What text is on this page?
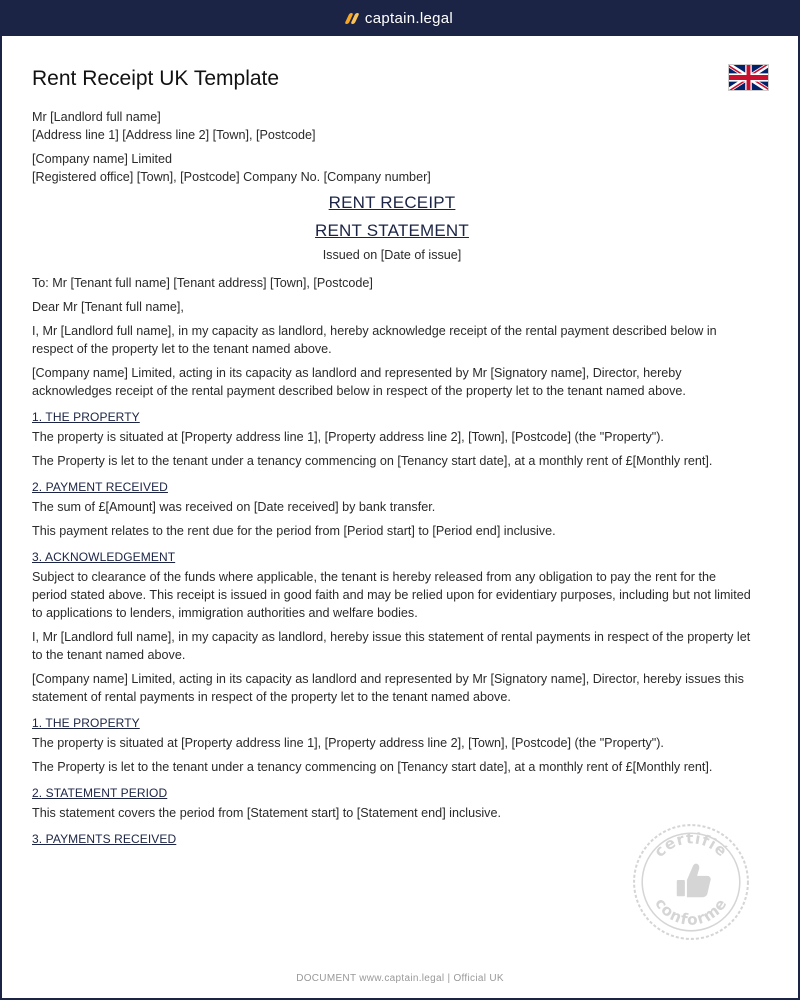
captain.legal
Rent Receipt UK Template

Mr [Landlord full name]

[Address line 1] [Address line 2] [Town], [Postcode]

[Company name] Limited

[Registered office] [Town], [Postcode] Company No. [Company number]

RENT RECEIPT

RENT STATEMENT

Issued on [Date of issue]

To: Mr [Tenant full name] [Tenant address] [Town], [Postcode]

Dear Mr [Tenant full name],

I, Mr [Landlord full name], in my capacity as landlord, hereby acknowledge receipt of the rental payment described below in respect of the property let to the tenant named above.

[Company name] Limited, acting in its capacity as landlord and represented by Mr [Signatory name], Director, hereby acknowledges receipt of the rental payment described below in respect of the property let to the tenant named above.

1. THE PROPERTY

The property is situated at [Property address line 1], [Property address line 2], [Town], [Postcode] (the "Property").

The Property is let to the tenant under a tenancy commencing on [Tenancy start date], at a monthly rent of £[Monthly rent].

2. PAYMENT RECEIVED

The sum of £[Amount] was received on [Date received] by bank transfer.

This payment relates to the rent due for the period from [Period start] to [Period end] inclusive.

3. ACKNOWLEDGEMENT

Subject to clearance of the funds where applicable, the tenant is hereby released from any obligation to pay the rent for the period stated above. This receipt is issued in good faith and may be relied upon for evidentiary purposes, including but not limited to applications to lenders, immigration authorities and welfare bodies.

I, Mr [Landlord full name], in my capacity as landlord, hereby issue this statement of rental payments in respect of the property let to the tenant named above.

[Company name] Limited, acting in its capacity as landlord and represented by Mr [Signatory name], Director, hereby issues this statement of rental payments in respect of the property let to the tenant named above.

1. THE PROPERTY

The property is situated at [Property address line 1], [Property address line 2], [Town], [Postcode] (the "Property").

The Property is let to the tenant under a tenancy commencing on [Tenancy start date], at a monthly rent of £[Monthly rent].

2. STATEMENT PERIOD

This statement covers the period from [Statement start] to [Statement end] inclusive.

3. PAYMENTS RECEIVED

certifié
conforme
DOCUMENT www.captain.legal | Official UK
